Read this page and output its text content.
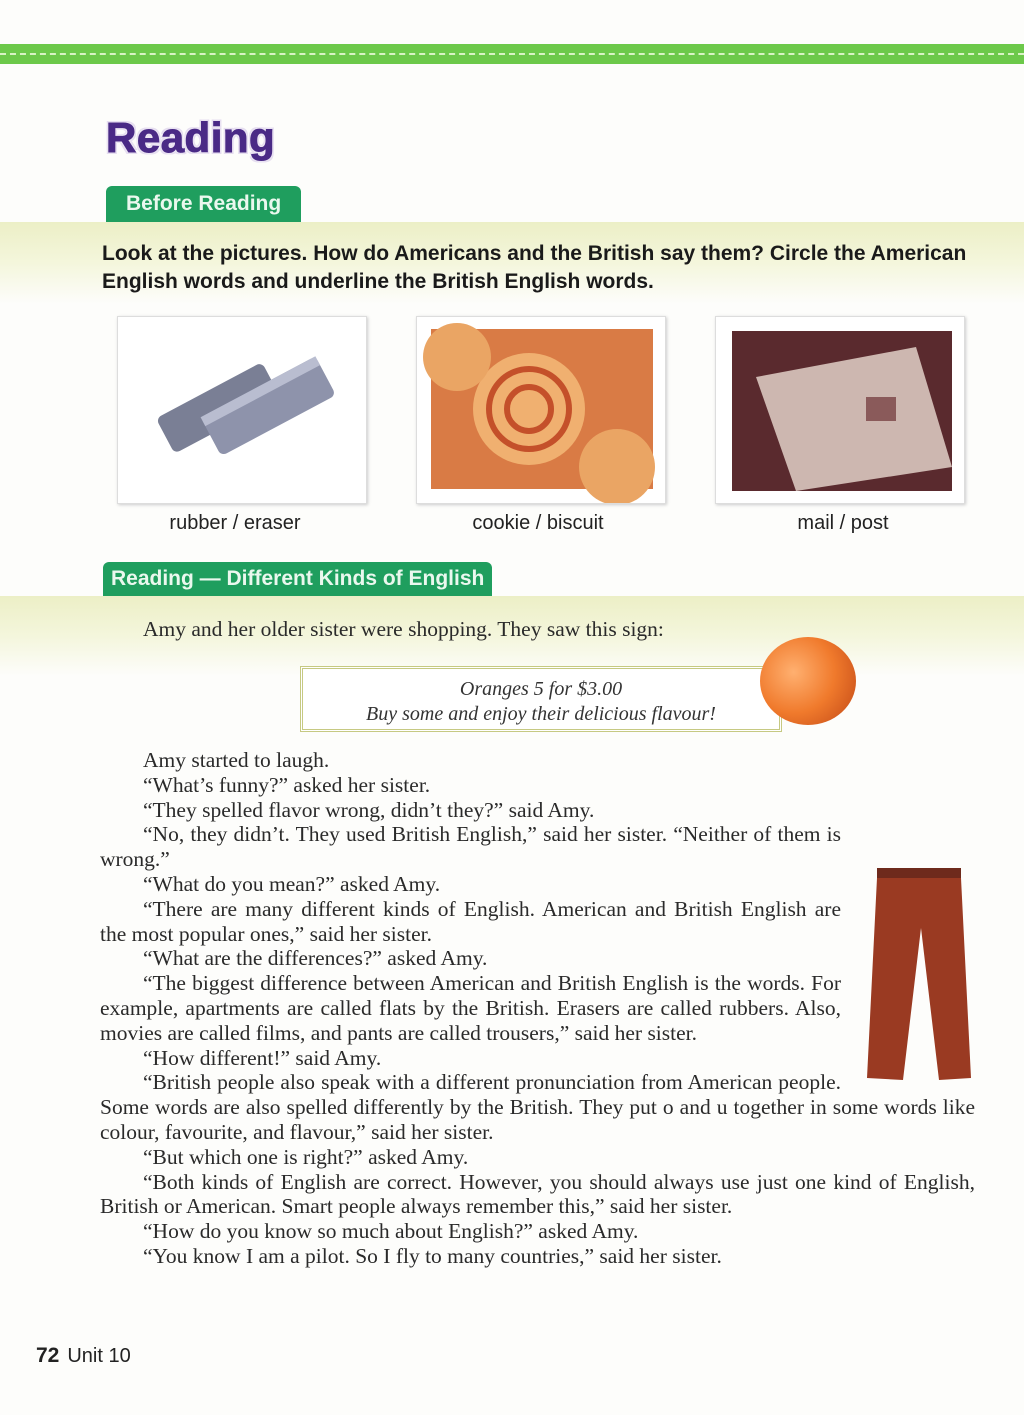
Reading
Before Reading
Look at the pictures. How do Americans and the British say them? Circle the American English words and underline the British English words.
rubber / eraser	cookie / biscuit	mail / post
Reading — Different Kinds of English
Amy and her older sister were shopping. They saw this sign:
Oranges 5 for $3.00
Buy some and enjoy their delicious flavour!

Amy started to laugh.

“What’s funny?” asked her sister.

“They spelled flavor wrong, didn’t they?” said Amy.

“No, they didn’t. They used British English,” said her sister. “Neither of them is wrong.”

“What do you mean?” asked Amy.

“There are many different kinds of English. American and British English are the most popular ones,” said her sister.

“What are the differences?” asked Amy.

“The biggest difference between American and British English is the words. For example, apartments are called flats by the British. Erasers are called rubbers. Also, movies are called films, and pants are called trousers,” said her sister.

“How different!” said Amy.

“British people also speak with a different pronunciation from American people. Some words are also spelled differently by the British. They put o and u together in some words like colour, favourite, and flavour,” said her sister.

“But which one is right?” asked Amy.

“Both kinds of English are correct. However, you should always use just one kind of English, British or American. Smart people always remember this,” said her sister.

“How do you know so much about English?” asked Amy.

“You know I am a pilot. So I fly to many countries,” said her sister.

72 Unit 10
